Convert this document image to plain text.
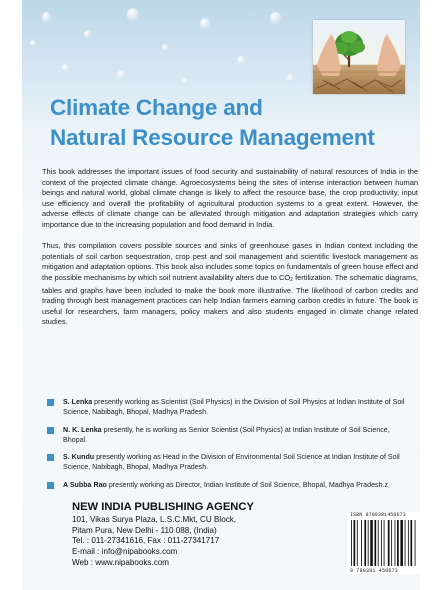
Climate Change and
Natural Resource Management

This book addresses the important issues of food security and sustainability of natural resources of India in the context of the projected climate change. Agroecosystems being the sites of intense interaction between human beings and natural world, global climate change is likely to affect the resource base, the crop productivity, input use efficiency and overall the profitability of agricultural production systems to a great extent. However, the adverse effects of climate change can be alleviated through mitigation and adaptation strategies which carry importance due to the increasing population and food demand in India.

Thus, this compilation covers possible sources and sinks of greenhouse gases in Indian context including the potentials of soil carbon sequestration, crop pest and soil management and scientific livestock management as mitigation and adaptation options. This book also includes some topics on fundamentals of green house effect and the possible mechanisms by which soil nutrient availability alters due to $CO_2$ fertilization. The schematic diagrams, tables and graphs have been included to make the book more illustrative. The likelihood of carbon credits and trading through best management practices can help Indian farmers earning carbon credits in future. The book is useful for researchers, farm managers, policy makers and also students engaged in climate change related studies.

S. Lenka presently working as Scientist (Soil Physics) in the Division of Soil Physics at Indian Institute of Soil Science, Nabibagh, Bhopal, Madhya Pradesh.
N. K. Lenka presently, he is working as Senior Scientist (Soil Physics) at Indian Institute of Soil Science, Bhopal.
S. Kundu presently working as Head in the Division of Environmental Soil Science at Indian Institute of Soil Science, Nabibagh, Bhopal, Madhya Pradesh.
A Subba Rao presently working as Director, Indian Institute of Soil Science, Bhopal, Madhya Pradesh.z
NEW INDIA PUBLISHING AGENCY
101, Vikas Surya Plaza, L.S.C.Mkt, CU Block,
Pitam Pura, New Delhi - 110 088, (India)
Tel. : 011-27341616, Fax : 011-27341717
E-mail : info@nipabooks.com
Web : www.nipabooks.com
ISBN 9789381450673
9 789381 450673
